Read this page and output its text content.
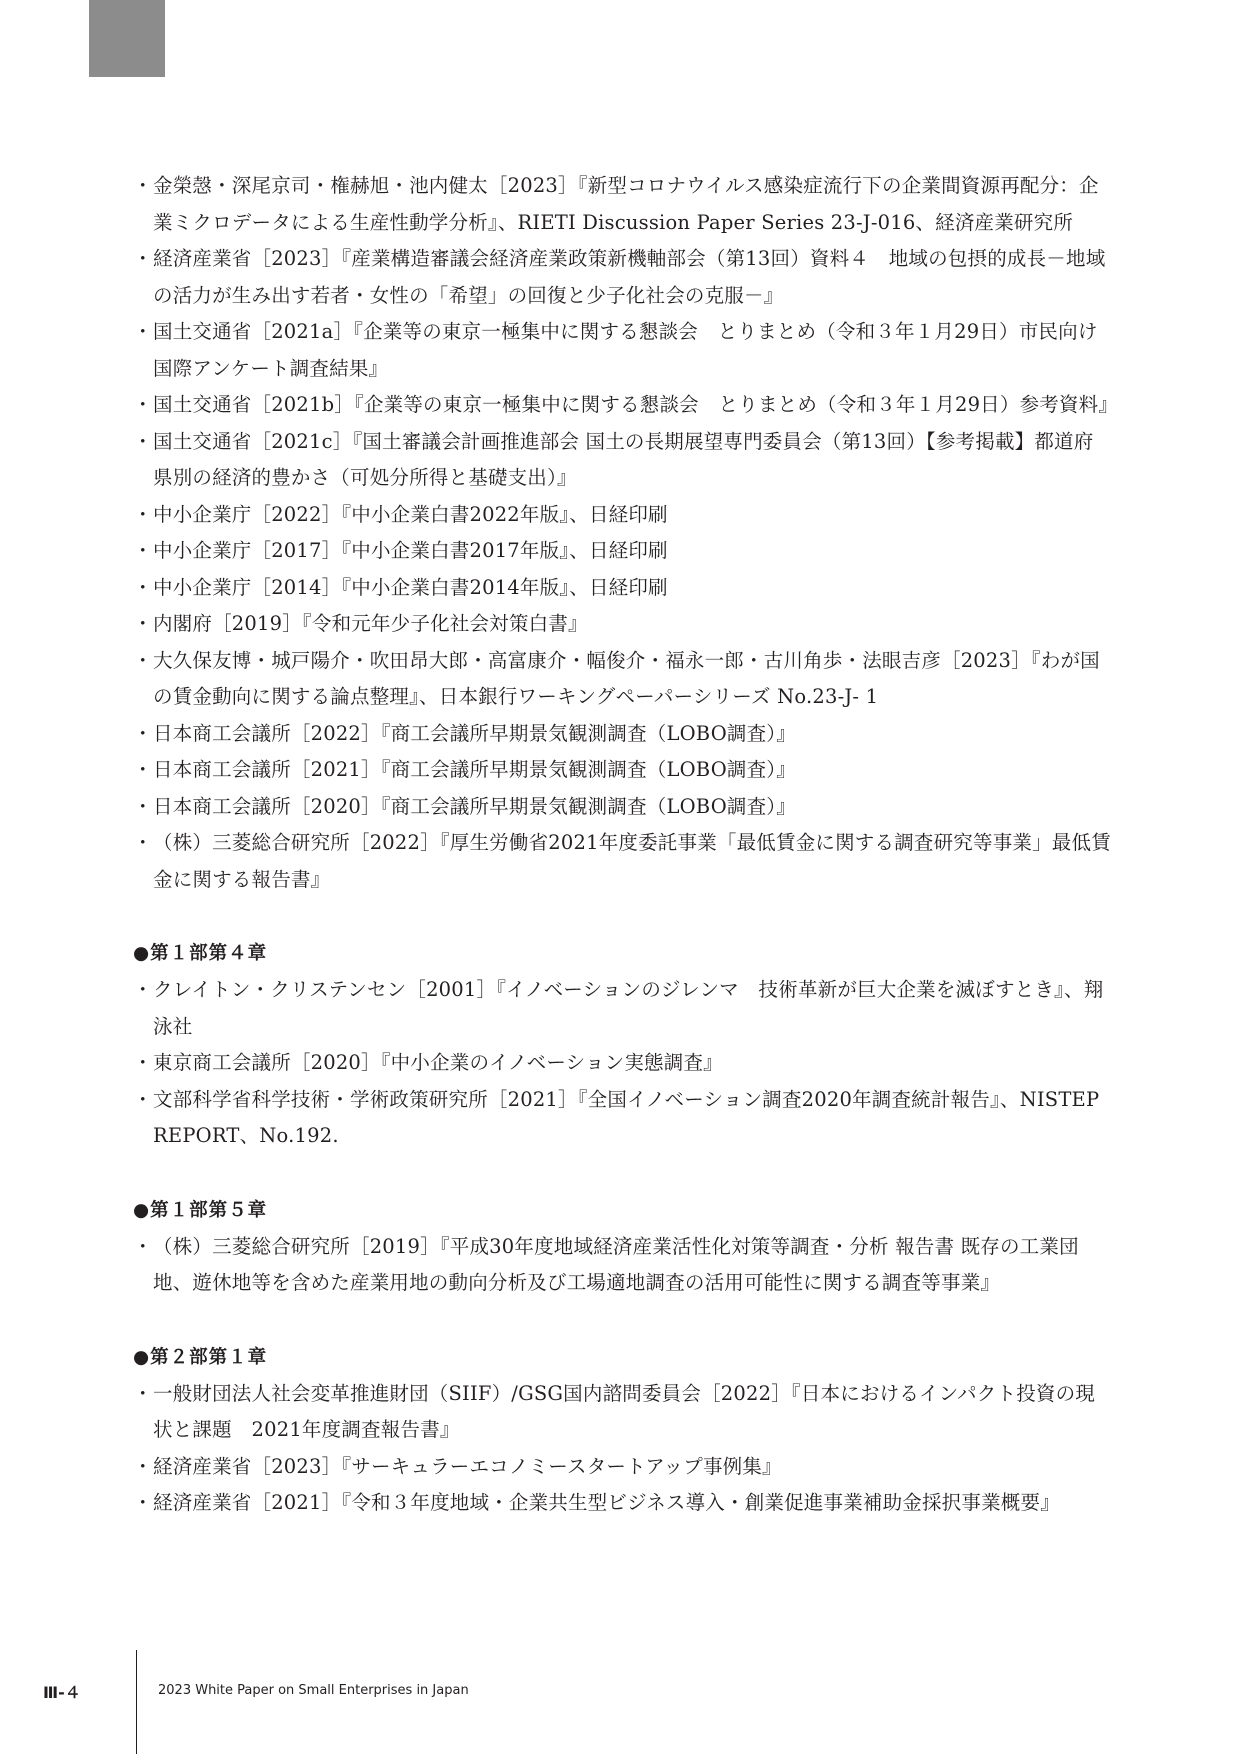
・ 金榮愨・深尾京司・権赫旭・池内健太［2023］『新型コロナウイルス感染症流行下の企業間資源再配分：企業ミクロデータによる生産性動学分析』、RIETI Discussion Paper Series 23-J-016、経済産業研究所
・ 経済産業省［2023］『産業構造審議会経済産業政策新機軸部会（第13回）資料４　地域の包摂的成長－地域の活力が生み出す若者・女性の「希望」の回復と少子化社会の克服－』
・ 国土交通省［2021a］『企業等の東京一極集中に関する懇談会　とりまとめ（令和３年１月29日）市民向け国際アンケート調査結果』
・ 国土交通省［2021b］『企業等の東京一極集中に関する懇談会　とりまとめ（令和３年１月29日）参考資料』
・ 国土交通省［2021c］『国土審議会計画推進部会 国土の長期展望専門委員会（第13回）【参考掲載】都道府県別の経済的豊かさ（可処分所得と基礎支出）』
・ 中小企業庁［2022］『中小企業白書2022年版』、日経印刷
・ 中小企業庁［2017］『中小企業白書2017年版』、日経印刷
・ 中小企業庁［2014］『中小企業白書2014年版』、日経印刷
・ 内閣府［2019］『令和元年少子化社会対策白書』
・ 大久保友博・城戸陽介・吹田昂大郎・高富康介・幅俊介・福永一郎・古川角歩・法眼吉彦［2023］『わが国の賃金動向に関する論点整理』、日本銀行ワーキングペーパーシリーズ No.23-J- 1
・ 日本商工会議所［2022］『商工会議所早期景気観測調査（LOBO調査）』
・ 日本商工会議所［2021］『商工会議所早期景気観測調査（LOBO調査）』
・ 日本商工会議所［2020］『商工会議所早期景気観測調査（LOBO調査）』
・ （株）三菱総合研究所［2022］『厚生労働省2021年度委託事業「最低賃金に関する調査研究等事業」最低賃金に関する報告書』
●第１部第４章
・ クレイトン・クリステンセン［2001］『イノベーションのジレンマ　技術革新が巨大企業を滅ぼすとき』、翔泳社
・ 東京商工会議所［2020］『中小企業のイノベーション実態調査』
・ 文部科学省科学技術・学術政策研究所［2021］『全国イノベーション調査2020年調査統計報告』、NISTEP REPORT、No.192.
●第１部第５章
・ （株）三菱総合研究所［2019］『平成30年度地域経済産業活性化対策等調査・分析 報告書 既存の工業団地、遊休地等を含めた産業用地の動向分析及び工場適地調査の活用可能性に関する調査等事業』
●第２部第１章
・ 一般財団法人社会変革推進財団（SIIF）/GSG国内諮問委員会［2022］『日本におけるインパクト投資の現状と課題　2021年度調査報告書』
・ 経済産業省［2023］『サーキュラーエコノミースタートアップ事例集』
・ 経済産業省［2021］『令和３年度地域・企業共生型ビジネス導入・創業促進事業補助金採択事業概要』
Ⅲ-４	2023 White Paper on Small Enterprises in Japan
